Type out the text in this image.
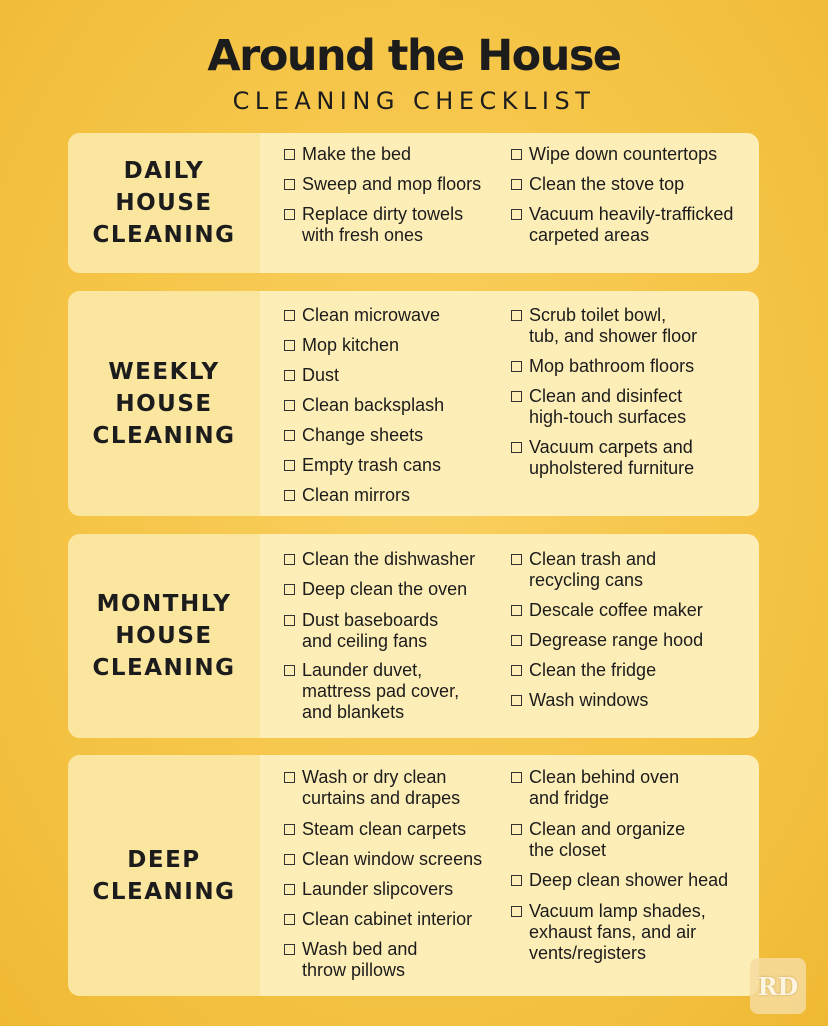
Around the House
CLEANING CHECKLIST
DAILY
HOUSE
CLEANING
Make the bed
Sweep and mop floors
Replace dirty towels
with fresh ones
Wipe down countertops
Clean the stove top
Vacuum heavily-trafficked
carpeted areas
WEEKLY
HOUSE
CLEANING
Clean microwave
Mop kitchen
Dust
Clean backsplash
Change sheets
Empty trash cans
Clean mirrors
Scrub toilet bowl,
tub, and shower floor
Mop bathroom floors
Clean and disinfect
high-touch surfaces
Vacuum carpets and
upholstered furniture
MONTHLY
HOUSE
CLEANING
Clean the dishwasher
Deep clean the oven
Dust baseboards
and ceiling fans
Launder duvet,
mattress pad cover,
and blankets
Clean trash and
recycling cans
Descale coffee maker
Degrease range hood
Clean the fridge
Wash windows
DEEP
CLEANING
Wash or dry clean
curtains and drapes
Steam clean carpets
Clean window screens
Launder slipcovers
Clean cabinet interior
Wash bed and
throw pillows
Clean behind oven
and fridge
Clean and organize
the closet
Deep clean shower head
Vacuum lamp shades,
exhaust fans, and air
vents/registers
RD
